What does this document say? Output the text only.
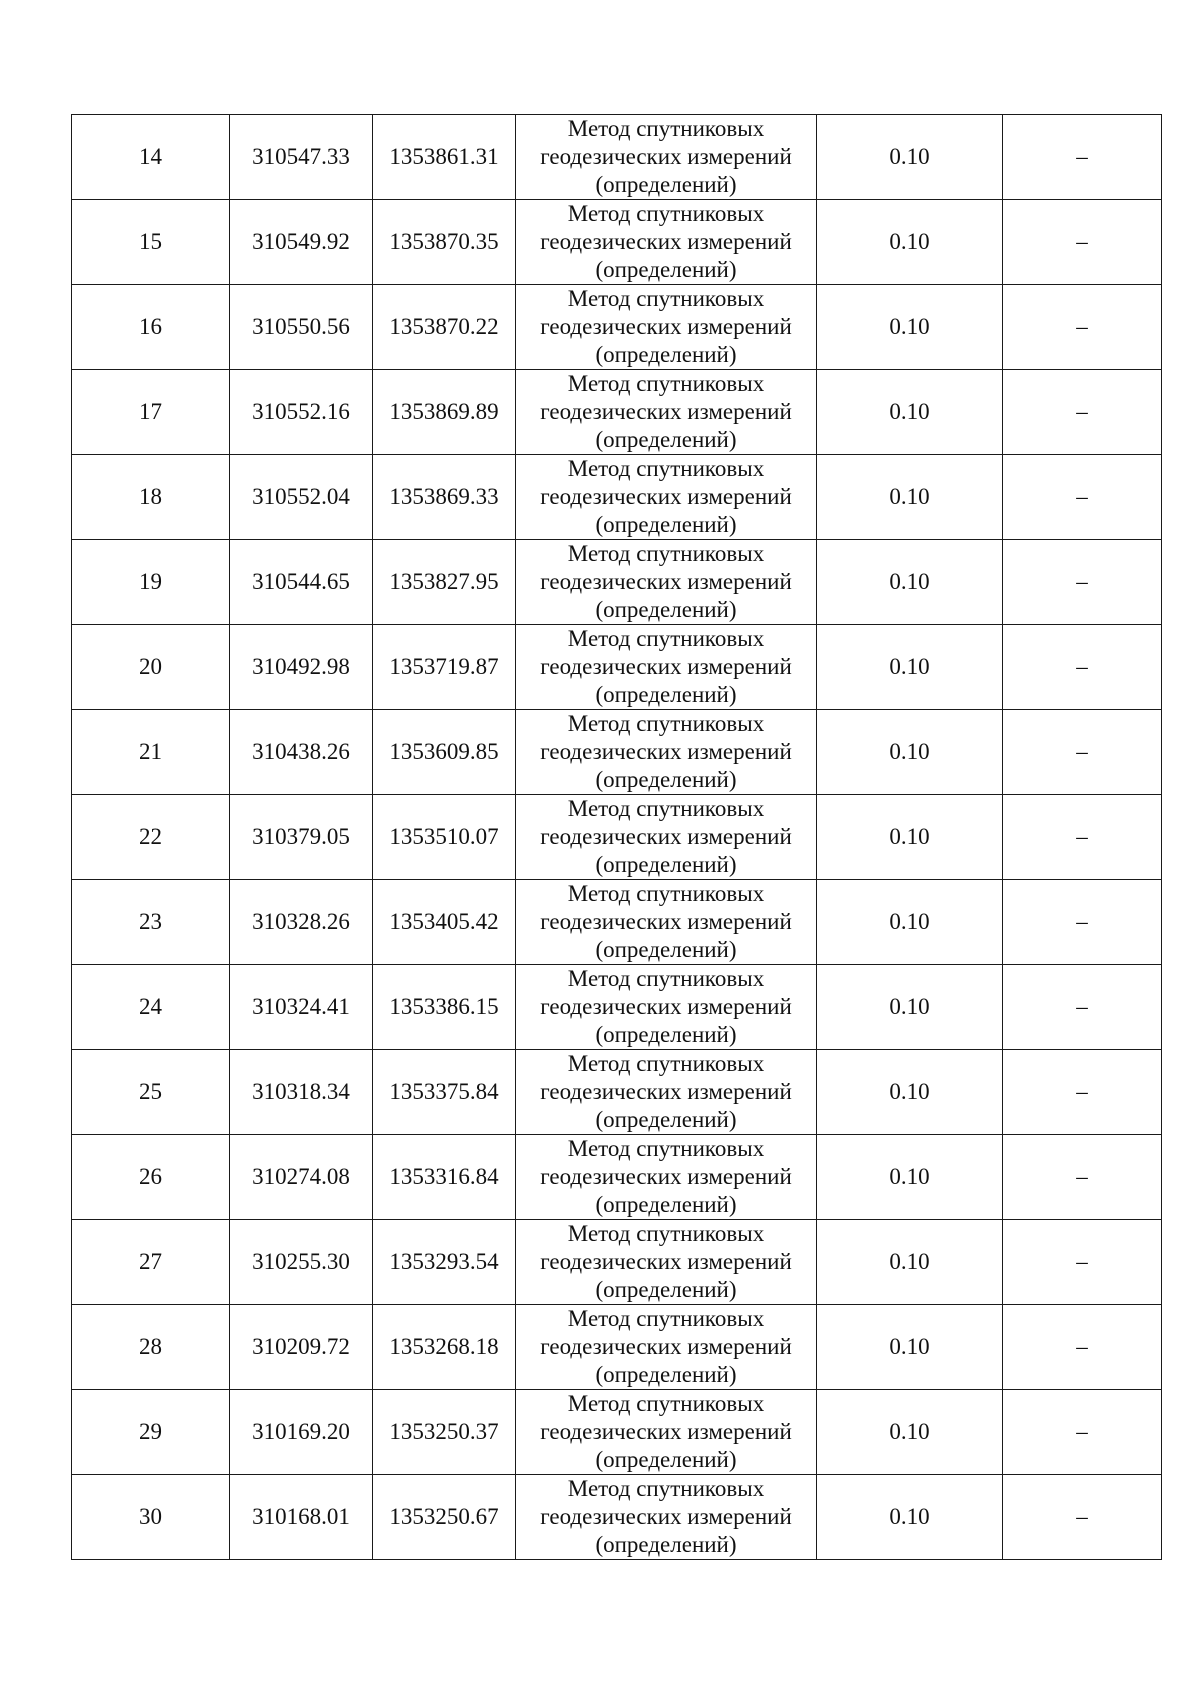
14	310547.33	1353861.31	Метод спутниковых
геодезических измерений
(определений)	0.10	–
15	310549.92	1353870.35	Метод спутниковых
геодезических измерений
(определений)	0.10	–
16	310550.56	1353870.22	Метод спутниковых
геодезических измерений
(определений)	0.10	–
17	310552.16	1353869.89	Метод спутниковых
геодезических измерений
(определений)	0.10	–
18	310552.04	1353869.33	Метод спутниковых
геодезических измерений
(определений)	0.10	–
19	310544.65	1353827.95	Метод спутниковых
геодезических измерений
(определений)	0.10	–
20	310492.98	1353719.87	Метод спутниковых
геодезических измерений
(определений)	0.10	–
21	310438.26	1353609.85	Метод спутниковых
геодезических измерений
(определений)	0.10	–
22	310379.05	1353510.07	Метод спутниковых
геодезических измерений
(определений)	0.10	–
23	310328.26	1353405.42	Метод спутниковых
геодезических измерений
(определений)	0.10	–
24	310324.41	1353386.15	Метод спутниковых
геодезических измерений
(определений)	0.10	–
25	310318.34	1353375.84	Метод спутниковых
геодезических измерений
(определений)	0.10	–
26	310274.08	1353316.84	Метод спутниковых
геодезических измерений
(определений)	0.10	–
27	310255.30	1353293.54	Метод спутниковых
геодезических измерений
(определений)	0.10	–
28	310209.72	1353268.18	Метод спутниковых
геодезических измерений
(определений)	0.10	–
29	310169.20	1353250.37	Метод спутниковых
геодезических измерений
(определений)	0.10	–
30	310168.01	1353250.67	Метод спутниковых
геодезических измерений
(определений)	0.10	–
